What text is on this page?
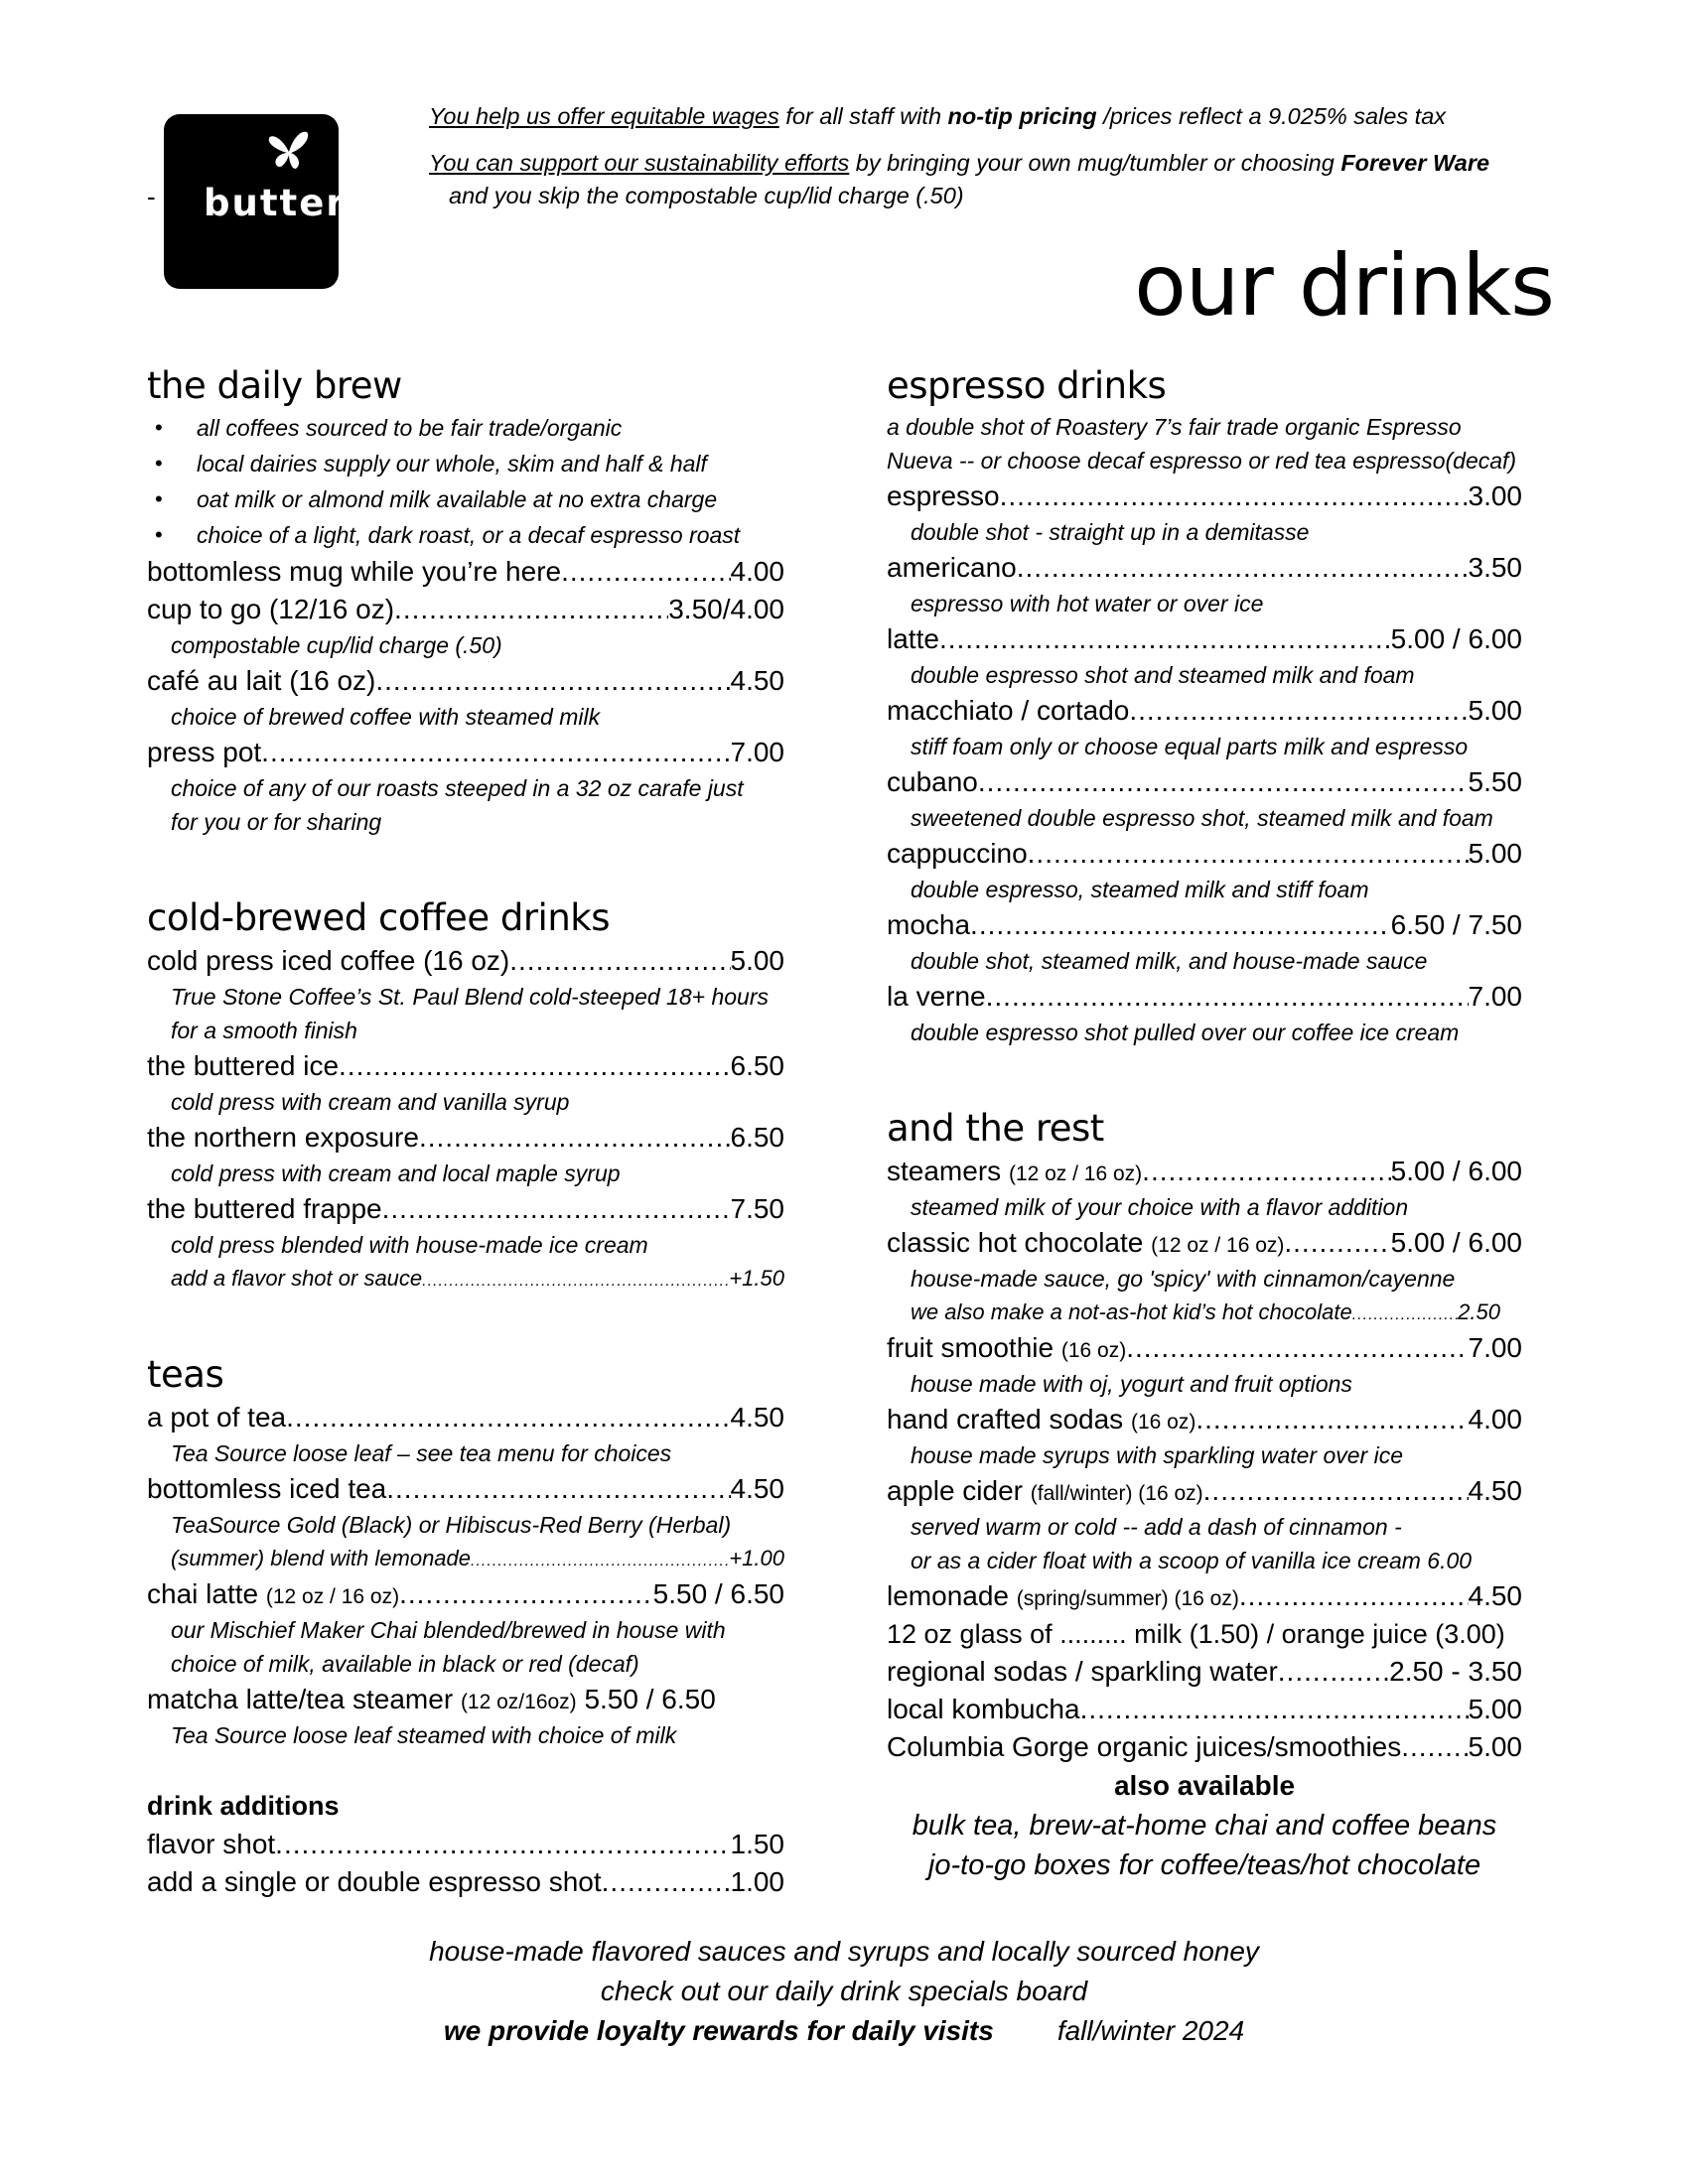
- butter
You help us offer equitable wages for all staff with no-tip pricing /prices reflect a 9.025% sales tax
You can support our sustainability efforts by bringing your own mug/tumbler or choosing Forever Ware
and you skip the compostable cup/lid charge (.50)
our drinks
the daily brew
• all coffees sourced to be fair trade/organic
• local dairies supply our whole, skim and half & half
• oat milk or almond milk available at no extra charge
• choice of a light, dark roast, or a decaf espresso roast
bottomless mug while you’re here .....	4.00
cup to go (12/16 oz) .....	3.50/4.00
compostable cup/lid charge (.50)
café au lait (16 oz) .....	4.50
choice of brewed coffee with steamed milk
press pot .....	7.00
choice of any of our roasts steeped in a 32 oz carafe just
for you or for sharing
cold-brewed coffee drinks
cold press iced coffee (16 oz) .....	5.00
True Stone Coffee’s St. Paul Blend cold-steeped 18+ hours
for a smooth finish
the buttered ice .....	6.50
cold press with cream and vanilla syrup
the northern exposure .....	6.50
cold press with cream and local maple syrup
the buttered frappe .....	7.50
cold press blended with house-made ice cream
add a flavor shot or sauce .....	+1.50
teas
a pot of tea .....	4.50
Tea Source loose leaf – see tea menu for choices
bottomless iced tea .....	4.50
TeaSource Gold (Black) or Hibiscus-Red Berry (Herbal)
(summer) blend with lemonade .....	+1.00
chai latte (12 oz / 16 oz) .....	5.50 / 6.50
our Mischief Maker Chai blended/brewed in house with
choice of milk, available in black or red (decaf)
matcha latte/tea steamer (12 oz/16oz) 5.50 / 6.50
Tea Source loose leaf steamed with choice of milk
drink additions
flavor shot .....	1.50
add a single or double espresso shot .....	1.00
espresso drinks
a double shot of Roastery 7’s fair trade organic Espresso
Nueva -- or choose decaf espresso or red tea espresso(decaf)
espresso .....	3.00
double shot - straight up in a demitasse
americano .....	3.50
espresso with hot water or over ice
latte .....	5.00 / 6.00
double espresso shot and steamed milk and foam
macchiato / cortado .....	5.00
stiff foam only or choose equal parts milk and espresso
cubano .....	5.50
sweetened double espresso shot, steamed milk and foam
cappuccino .....	5.00
double espresso, steamed milk and stiff foam
mocha .....	6.50 / 7.50
double shot, steamed milk, and house-made sauce
la verne .....	7.00
double espresso shot pulled over our coffee ice cream
and the rest
steamers (12 oz / 16 oz) .....	5.00 / 6.00
steamed milk of your choice with a flavor addition
classic hot chocolate (12 oz / 16 oz) .....	5.00 / 6.00
house-made sauce, go 'spicy' with cinnamon/cayenne
we also make a not-as-hot kid’s hot chocolate .....	2.50
fruit smoothie (16 oz) .....	7.00
house made with oj, yogurt and fruit options
hand crafted sodas (16 oz) .....	4.00
house made syrups with sparkling water over ice
apple cider (fall/winter) (16 oz) .....	4.50
served warm or cold -- add a dash of cinnamon -
or as a cider float with a scoop of vanilla ice cream 6.00
lemonade (spring/summer) (16 oz) .....	4.50
12 oz glass of ......... milk (1.50) / orange juice (3.00)
regional sodas / sparkling water .....	2.50 - 3.50
local kombucha .....	5.00
Columbia Gorge organic juices/smoothies ..... 5.00
also available
bulk tea, brew-at-home chai and coffee beans
jo-to-go boxes for coffee/teas/hot chocolate
house-made flavored sauces and syrups and locally sourced honey
check out our daily drink specials board
we provide loyalty rewards for daily visits fall/winter 2024
